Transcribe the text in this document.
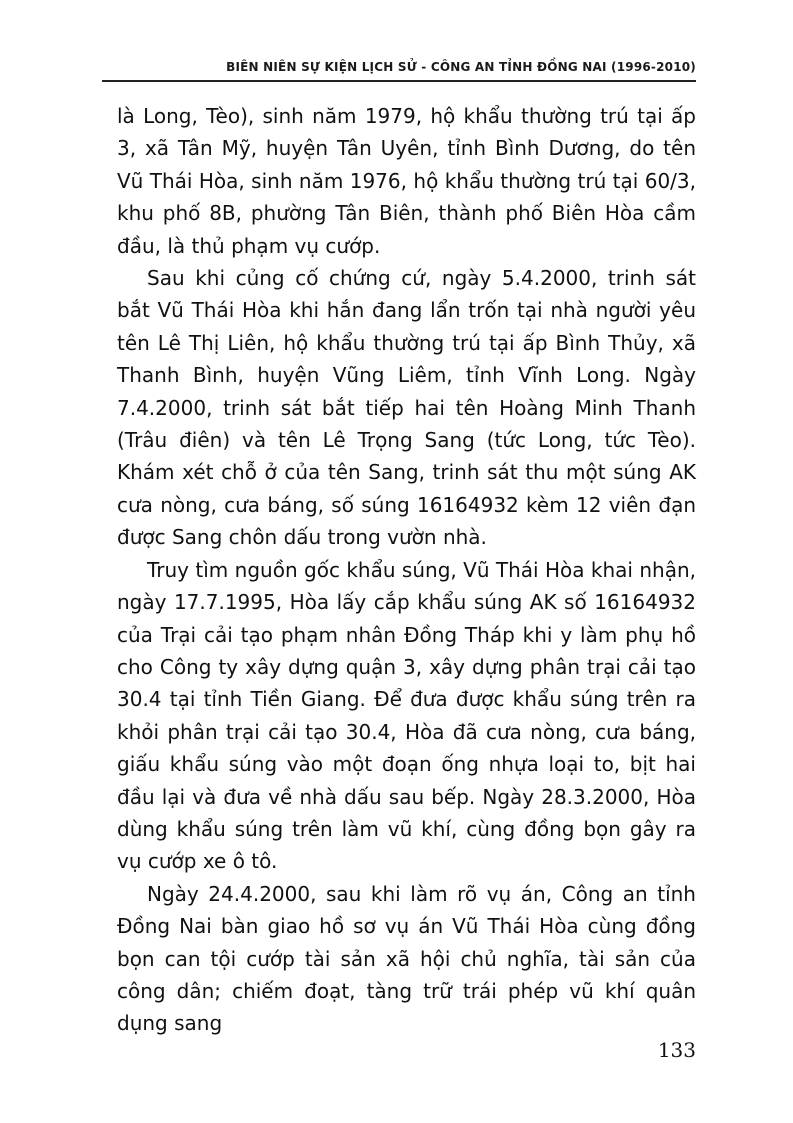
BIÊN NIÊN SỰ KIỆN LỊCH SỬ - CÔNG AN TỈNH ĐỒNG NAI (1996-2010)

là Long, Tèo), sinh năm 1979, hộ khẩu thường trú tại ấp 3, xã Tân Mỹ, huyện Tân Uyên, tỉnh Bình Dương, do tên Vũ Thái Hòa, sinh năm 1976, hộ khẩu thường trú tại 60/3, khu phố 8B, phường Tân Biên, thành phố Biên Hòa cầm đầu, là thủ phạm vụ cướp.

Sau khi củng cố chứng cứ, ngày 5.4.2000, trinh sát bắt Vũ Thái Hòa khi hắn đang lẩn trốn tại nhà người yêu tên Lê Thị Liên, hộ khẩu thường trú tại ấp Bình Thủy, xã Thanh Bình, huyện Vũng Liêm, tỉnh Vĩnh Long. Ngày 7.4.2000, trinh sát bắt tiếp hai tên Hoàng Minh Thanh (Trâu điên) và tên Lê Trọng Sang (tức Long, tức Tèo). Khám xét chỗ ở của tên Sang, trinh sát thu một súng AK cưa nòng, cưa báng, số súng 16164932 kèm 12 viên đạn được Sang chôn dấu trong vườn nhà.

Truy tìm nguồn gốc khẩu súng, Vũ Thái Hòa khai nhận, ngày 17.7.1995, Hòa lấy cắp khẩu súng AK số 16164932 của Trại cải tạo phạm nhân Đồng Tháp khi y làm phụ hồ cho Công ty xây dựng quận 3, xây dựng phân trại cải tạo 30.4 tại tỉnh Tiền Giang. Để đưa được khẩu súng trên ra khỏi phân trại cải tạo 30.4, Hòa đã cưa nòng, cưa báng, giấu khẩu súng vào một đoạn ống nhựa loại to, bịt hai đầu lại và đưa về nhà dấu sau bếp. Ngày 28.3.2000, Hòa dùng khẩu súng trên làm vũ khí, cùng đồng bọn gây ra vụ cướp xe ô tô.

Ngày 24.4.2000, sau khi làm rõ vụ án, Công an tỉnh Đồng Nai bàn giao hồ sơ vụ án Vũ Thái Hòa cùng đồng bọn can tội cướp tài sản xã hội chủ nghĩa, tài sản của công dân; chiếm đoạt, tàng trữ trái phép vũ khí quân dụng sang

133
